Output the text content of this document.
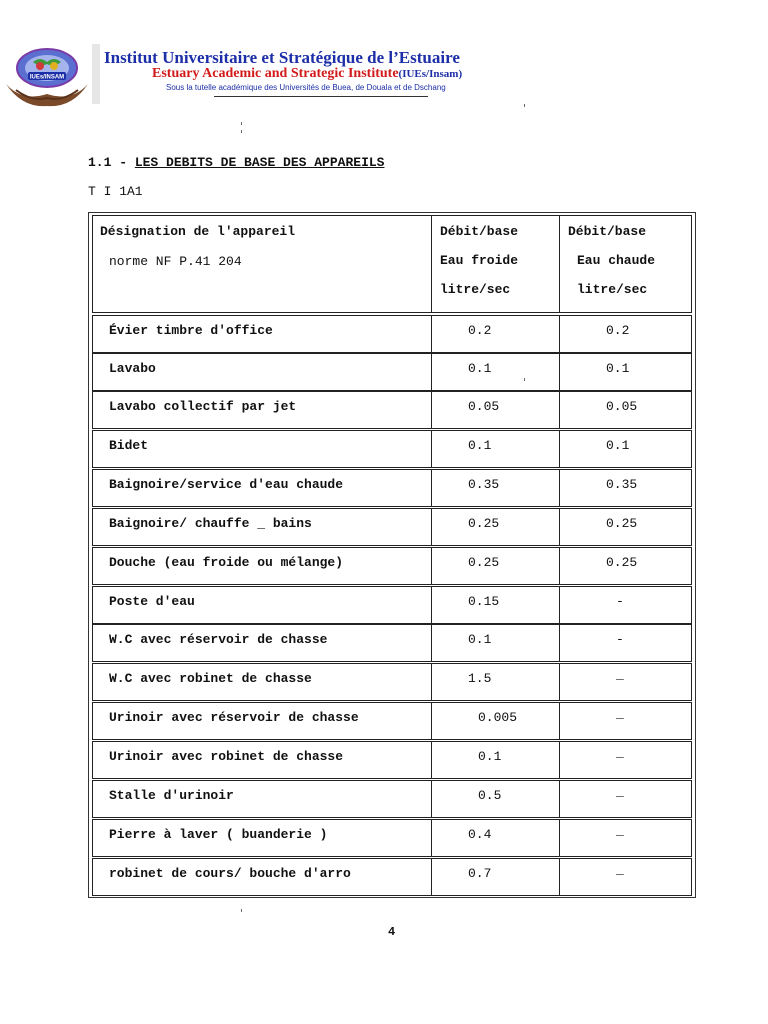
IUEs/INSAM
Institut Universitaire et Stratégique de l’Estuaire
Estuary Academic and Strategic Institute(IUEs/Insam)
Sous la tutelle académique des Universités de Buea, de Douala et de Dschang
1.1 - LES DEBITS DE BASE DES APPAREILS
T I 1A1
Désignation de l'appareil
norme NF P.41 204
Débit/base
Eau froide
litre/sec
Débit/base
Eau chaude
litre/sec
Évier timbre d'office	0.2	0.2
Lavabo	0.1	0.1
Lavabo collectif par jet	0.05	0.05
Bidet	0.1	0.1
Baignoire/service d'eau chaude	0.35	0.35
Baignoire/ chauffe _ bains	0.25	0.25
Douche (eau froide ou mélange)	0.25	0.25
Poste d'eau	0.15	-
W.C avec réservoir de chasse	0.1	-
W.C avec robinet de chasse	1.5	_
Urinoir avec réservoir de chasse	0.005	_
Urinoir avec robinet de chasse	0.1	_
Stalle d'urinoir	0.5	_
Pierre à laver ( buanderie )	0.4	_
robinet de cours/ bouche d'arro	0.7	_
4
